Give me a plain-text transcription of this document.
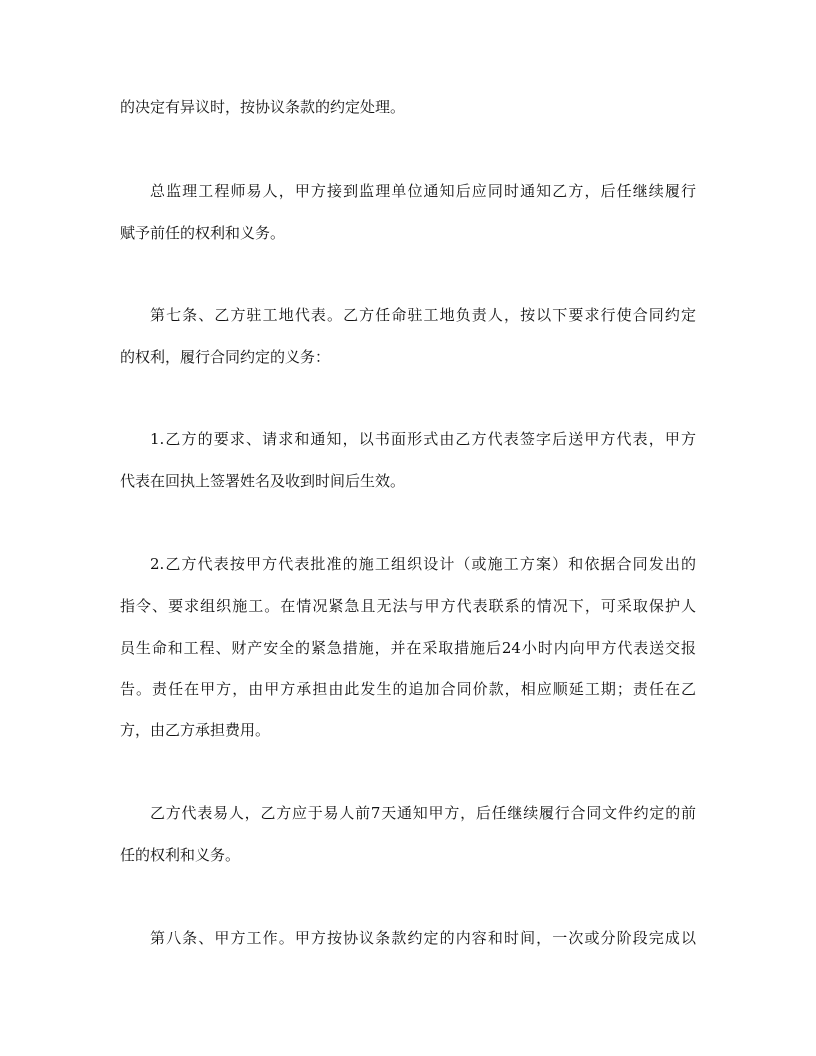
的决定有异议时，按协议条款的约定处理。
总监理工程师易人，甲方接到监理单位通知后应同时通知乙方，后任继续履行
赋予前任的权利和义务。
第七条、乙方驻工地代表。乙方任命驻工地负责人，按以下要求行使合同约定
的权利，履行合同约定的义务：
1.乙方的要求、请求和通知，以书面形式由乙方代表签字后送甲方代表，甲方
代表在回执上签署姓名及收到时间后生效。
2.乙方代表按甲方代表批准的施工组织设计（或施工方案）和依据合同发出的
指令、要求组织施工。在情况紧急且无法与甲方代表联系的情况下，可采取保护人
员生命和工程、财产安全的紧急措施，并在采取措施后24小时内向甲方代表送交报
告。责任在甲方，由甲方承担由此发生的追加合同价款，相应顺延工期；责任在乙
方，由乙方承担费用。
乙方代表易人，乙方应于易人前7天通知甲方，后任继续履行合同文件约定的前
任的权利和义务。
第八条、甲方工作。甲方按协议条款约定的内容和时间，一次或分阶段完成以
